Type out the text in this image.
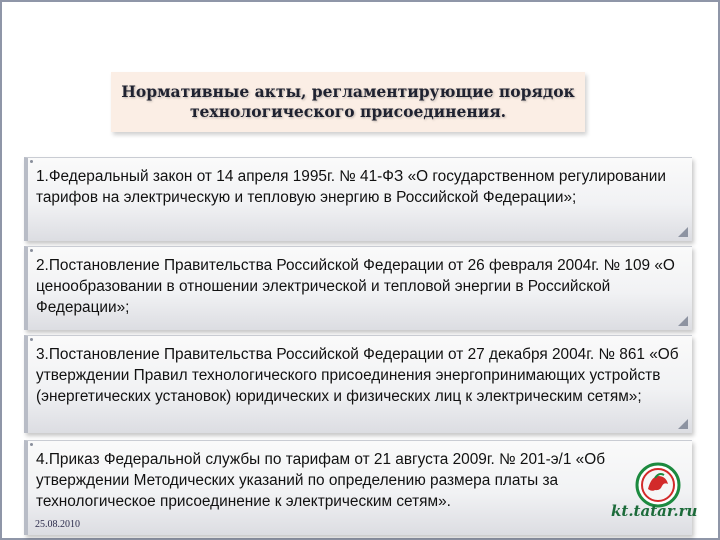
Нормативные акты, регламентирующие порядок
технологического присоединения.
1.Федеральный закон от 14 апреля 1995г. № 41-ФЗ «О государственном регулировании тарифов на электрическую и тепловую энергию в Российской Федерации»;
2.Постановление Правительства Российской Федерации от 26 февраля 2004г. № 109 «О ценообразовании в отношении электрической и тепловой энергии в Российской Федерации»;
3.Постановление Правительства Российской Федерации от 27 декабря 2004г. № 861 «Об утверждении Правил технологического присоединения энергопринимающих устройств (энергетических установок) юридических и физических лиц к электрическим сетям»;
4.Приказ Федеральной службы по тарифам от 21 августа 2009г. № 201-э/1 «Об утверждении Методических указаний по определению размера платы за технологическое присоединение к электрическим сетям».
25.08.2010
kt.tatar.ru
